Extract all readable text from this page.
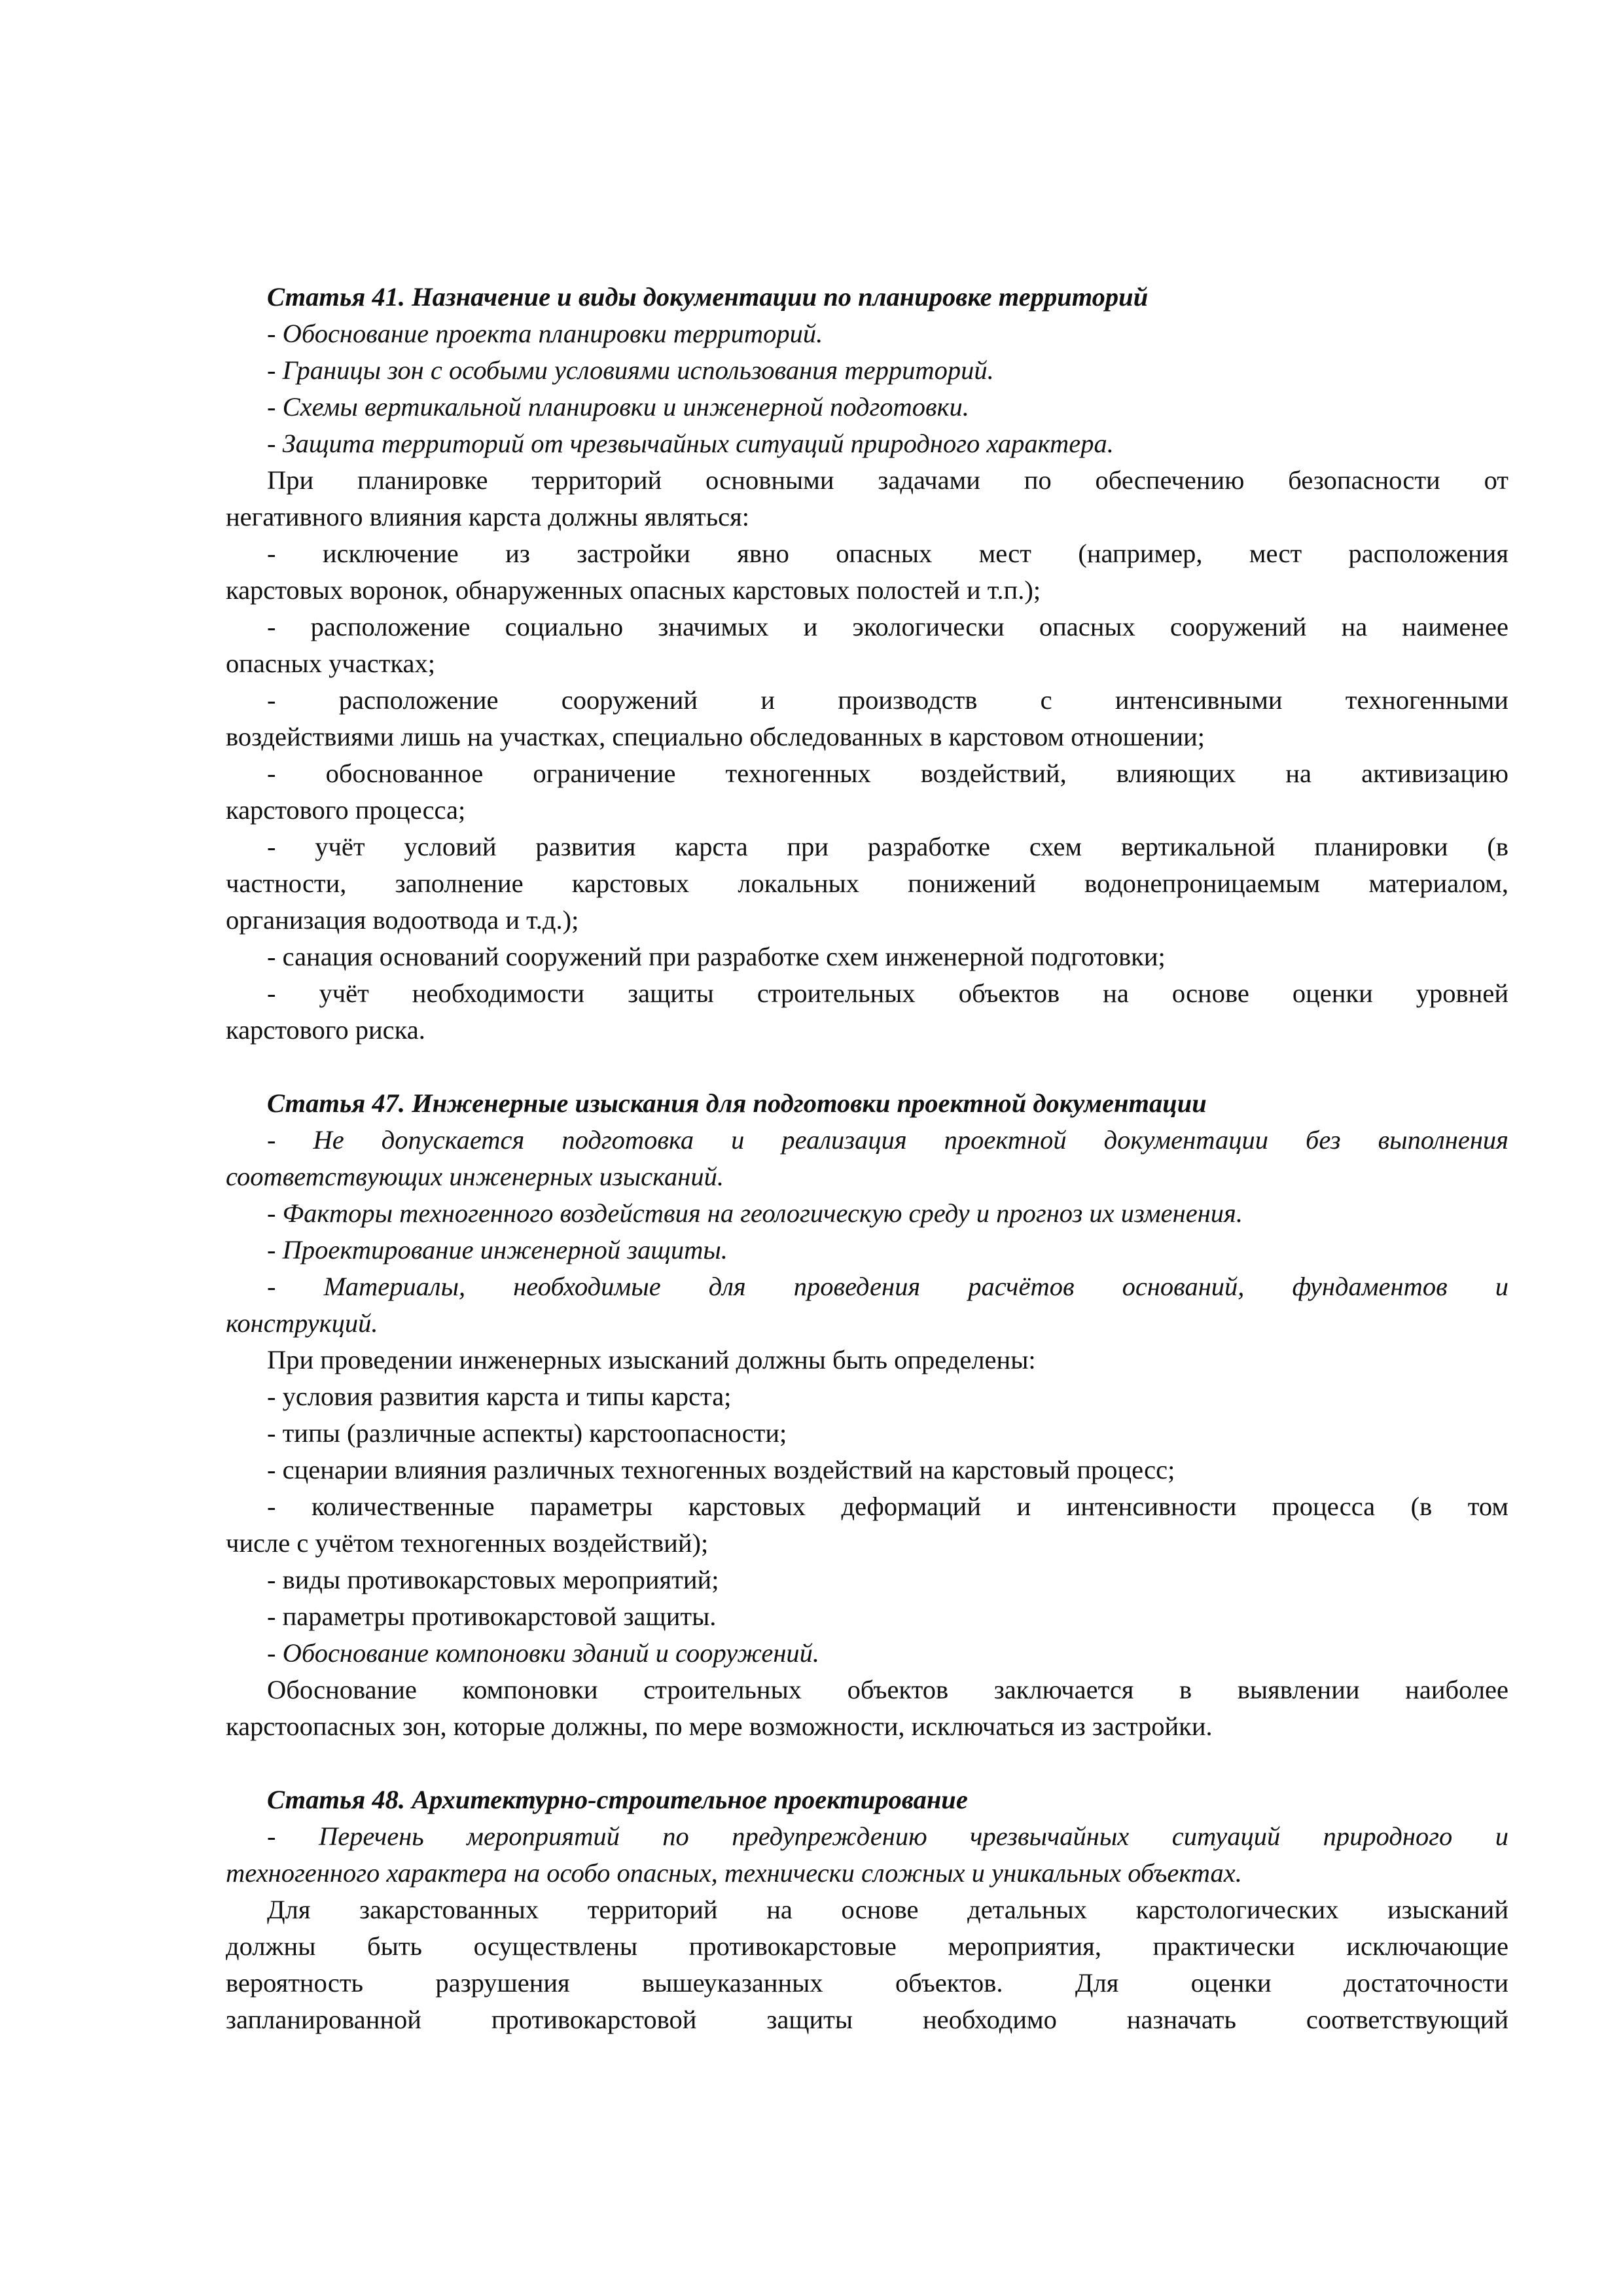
Статья 41. Назначение и виды документации по планировке территорий
- Обоснование проекта планировки территорий.
- Границы зон с особыми условиями использования территорий.
- Схемы вертикальной планировки и инженерной подготовки.
- Защита территорий от чрезвычайных ситуаций природного характера.
При планировке территорий основными задачами по обеспечению безопасности от
негативного влияния карста должны являться:
- исключение из застройки явно опасных мест (например, мест расположения
карстовых воронок, обнаруженных опасных карстовых полостей и т.п.);
- расположение социально значимых и экологически опасных сооружений на наименее
опасных участках;
- расположение сооружений и производств с интенсивными техногенными
воздействиями лишь на участках, специально обследованных в карстовом отношении;
- обоснованное ограничение техногенных воздействий, влияющих на активизацию
карстового процесса;
- учёт условий развития карста при разработке схем вертикальной планировки (в
частности, заполнение карстовых локальных понижений водонепроницаемым материалом,
организация водоотвода и т.д.);
- санация оснований сооружений при разработке схем инженерной подготовки;
- учёт необходимости защиты строительных объектов на основе оценки уровней
карстового риска.
Статья 47. Инженерные изыскания для подготовки проектной документации
- Не допускается подготовка и реализация проектной документации без выполнения
соответствующих инженерных изысканий.
- Факторы техногенного воздействия на геологическую среду и прогноз их изменения.
- Проектирование инженерной защиты.
- Материалы, необходимые для проведения расчётов оснований, фундаментов и
конструкций.
При проведении инженерных изысканий должны быть определены:
- условия развития карста и типы карста;
- типы (различные аспекты) карстоопасности;
- сценарии влияния различных техногенных воздействий на карстовый процесс;
- количественные параметры карстовых деформаций и интенсивности процесса (в том
числе с учётом техногенных воздействий);
- виды противокарстовых мероприятий;
- параметры противокарстовой защиты.
- Обоснование компоновки зданий и сооружений.
Обоснование компоновки строительных объектов заключается в выявлении наиболее
карстоопасных зон, которые должны, по мере возможности, исключаться из застройки.
Статья 48. Архитектурно-строительное проектирование
- Перечень мероприятий по предупреждению чрезвычайных ситуаций природного и
техногенного характера на особо опасных, технически сложных и уникальных объектах.
Для закарстованных территорий на основе детальных карстологических изысканий
должны быть осуществлены противокарстовые мероприятия, практически исключающие
вероятность разрушения вышеуказанных объектов. Для оценки достаточности
запланированной противокарстовой защиты необходимо назначать соответствующий
